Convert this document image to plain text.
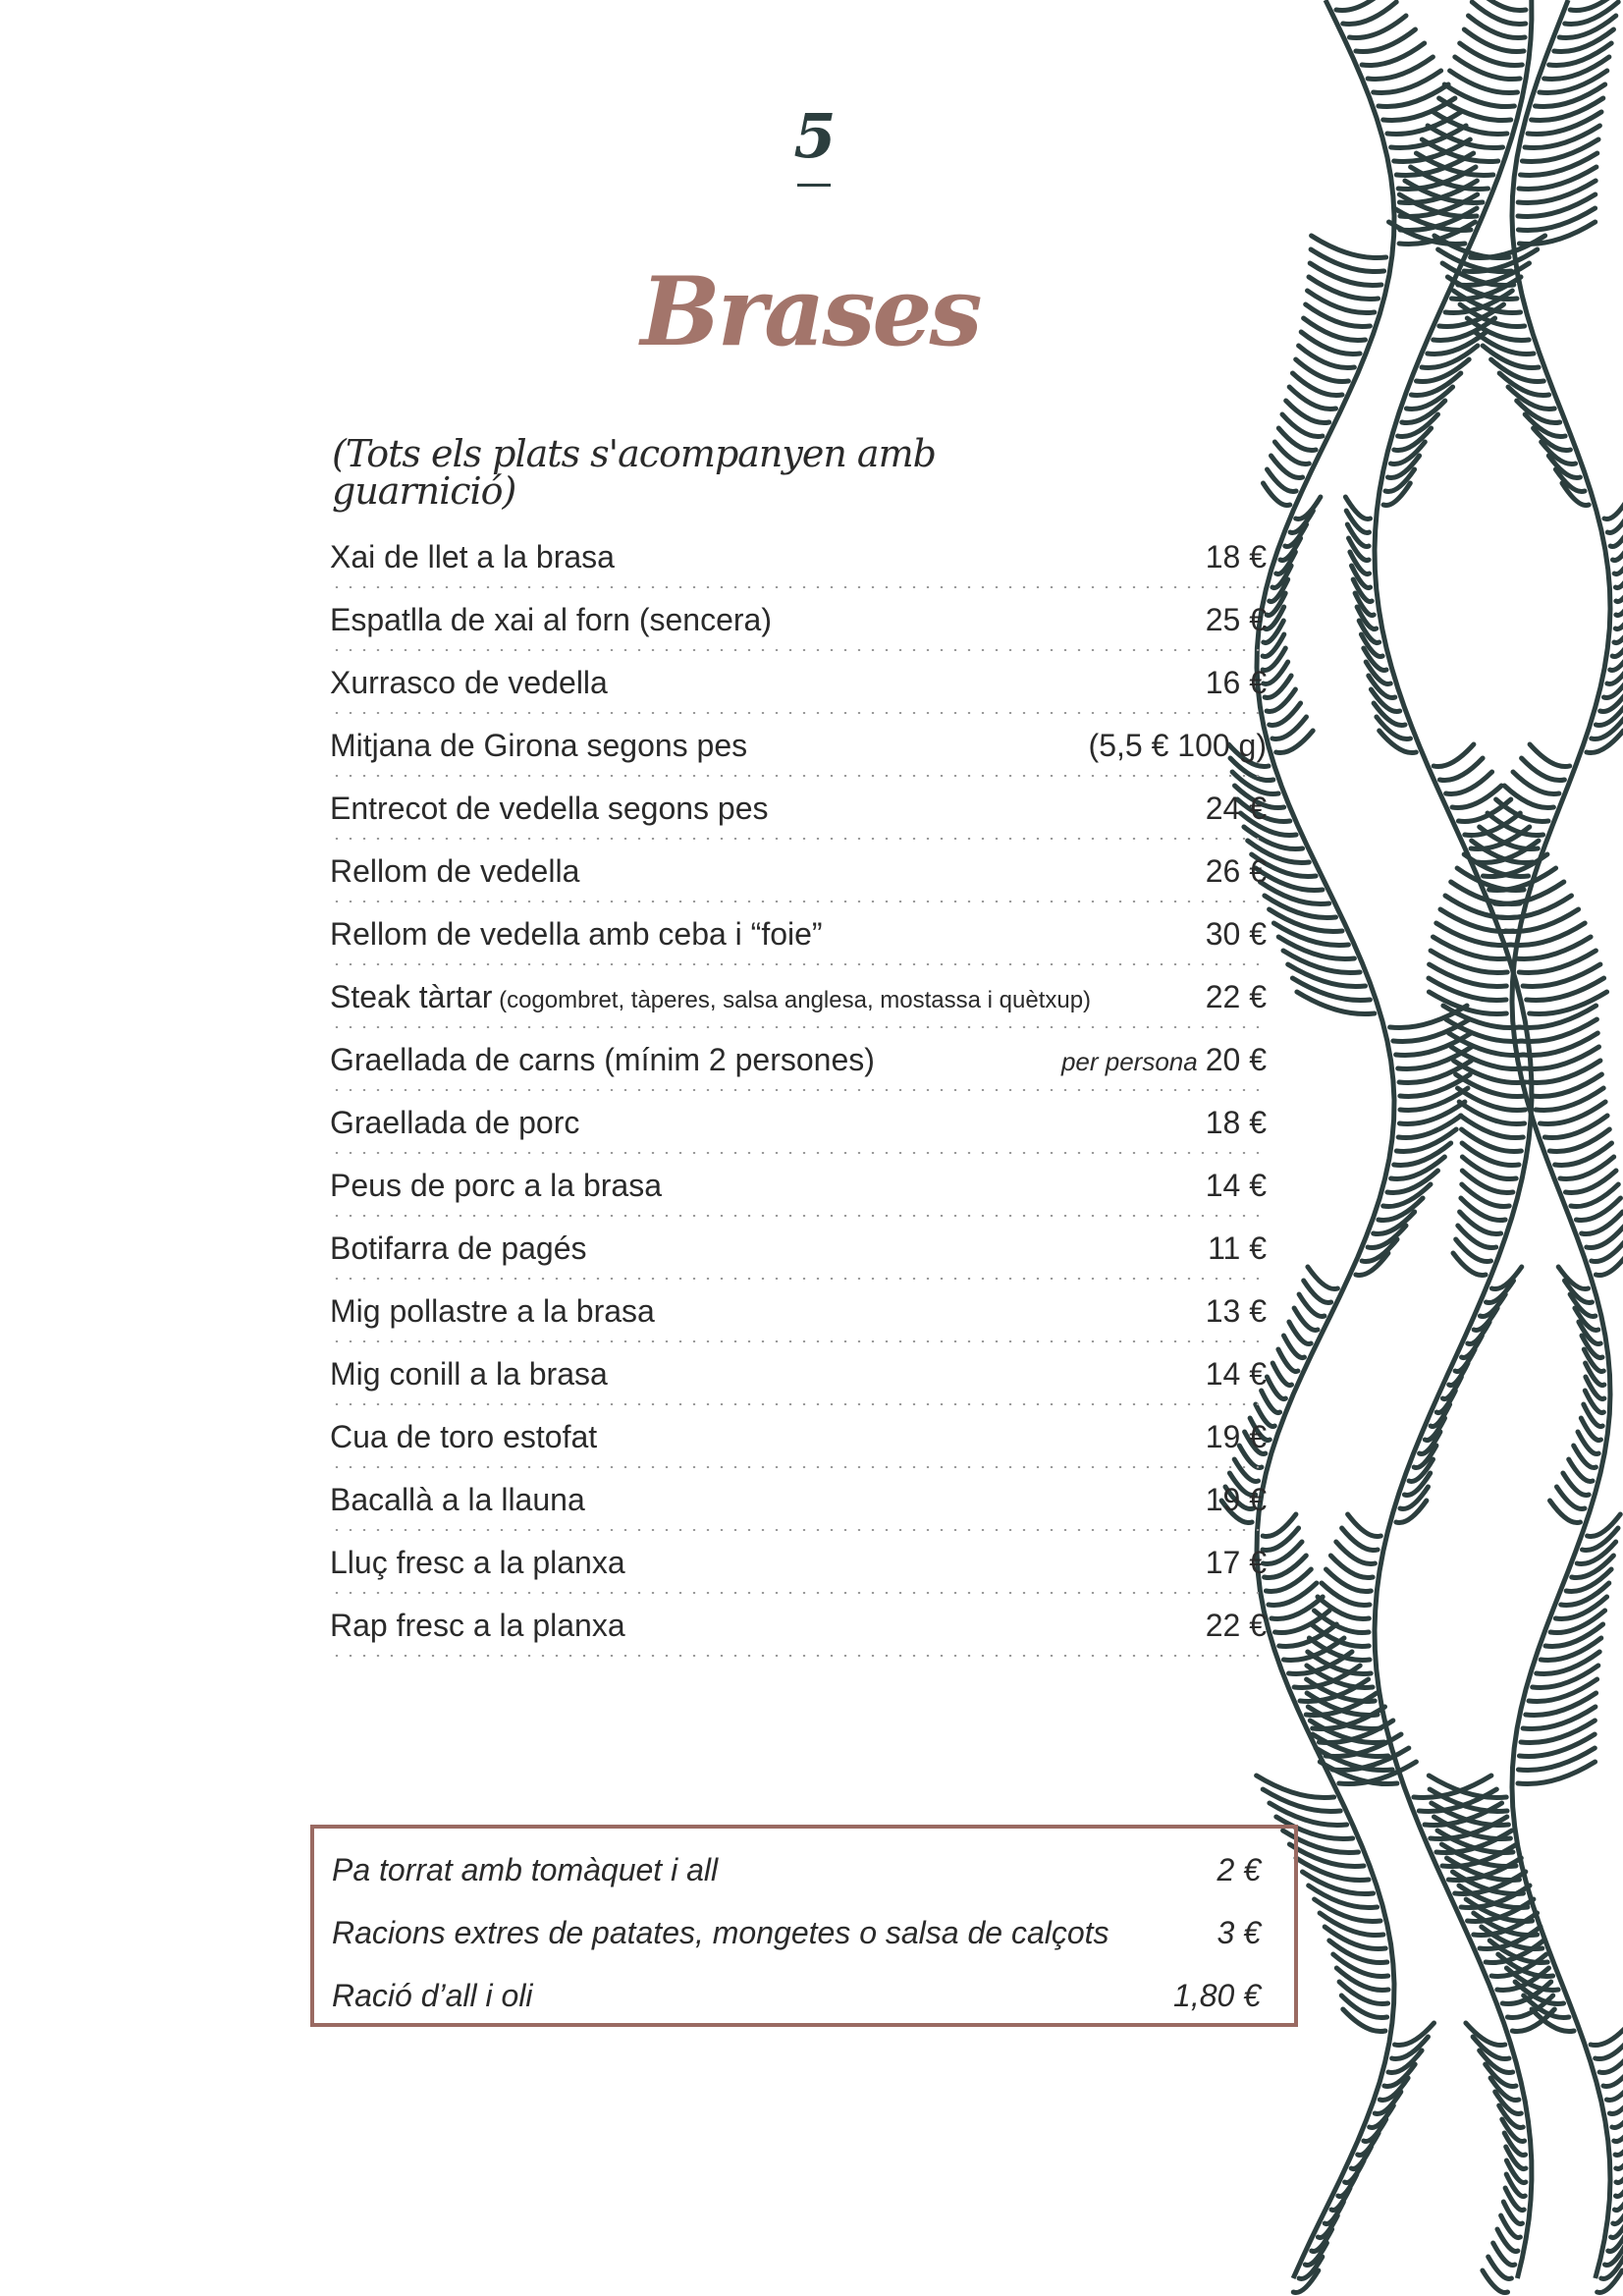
5
Brases
(Tots els plats s'acompanyen amb guarnició)
Xai de llet a la brasa	18 €
Espatlla de xai al forn (sencera)	25 €
Xurrasco de vedella	16 €
Mitjana de Girona segons pes	(5,5 € 100 g)
Entrecot de vedella segons pes	24 €
Rellom de vedella	26 €
Rellom de vedella amb ceba i “foie”	30 €
Steak tàrtar (cogombret, tàperes, salsa anglesa, mostassa i quètxup)	22 €
Graellada de carns (mínim 2 persones)	per persona 20 €
Graellada de porc	18 €
Peus de porc a la brasa	14 €
Botifarra de pagés	11 €
Mig pollastre a la brasa	13 €
Mig conill a la brasa	14 €
Cua de toro estofat	19 €
Bacallà a la llauna	19 €
Lluç fresc a la planxa	17 €
Rap fresc a la planxa	22 €
Pa torrat amb tomàquet i all	2 €
Racions extres de patates, mongetes o salsa de calçots	3 €
Ració d’all i oli	1,80 €
